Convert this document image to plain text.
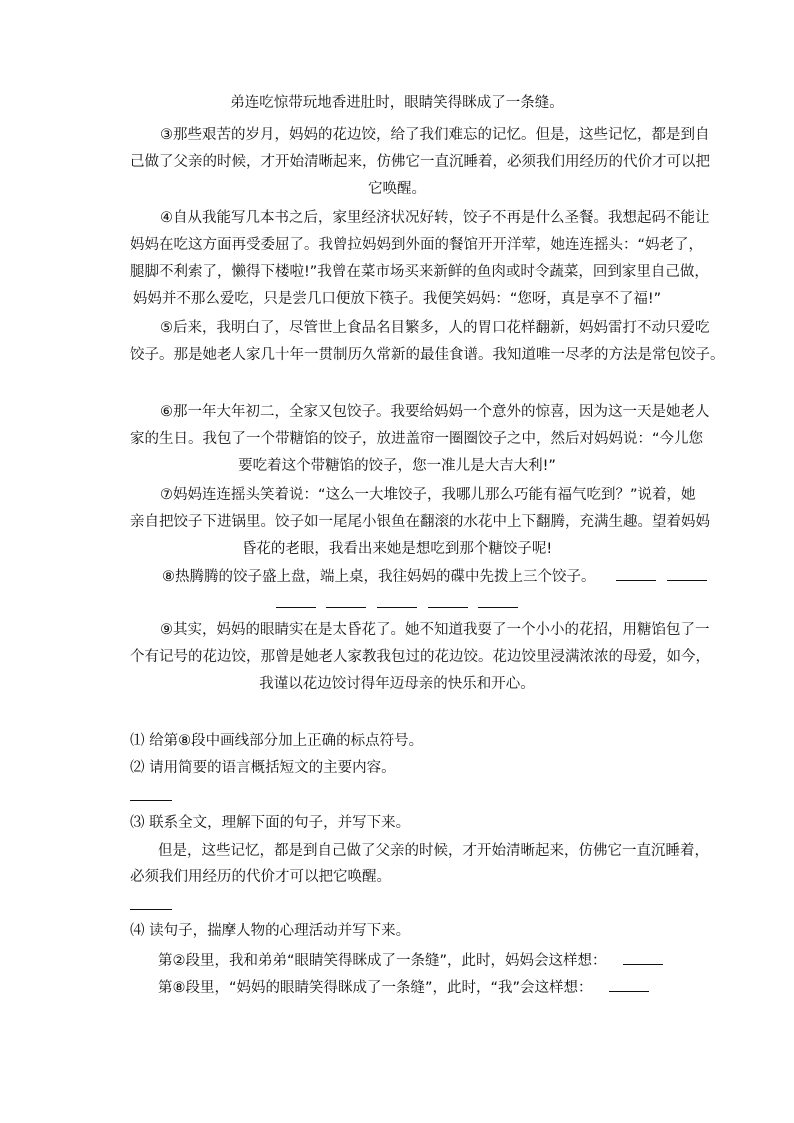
弟连吃惊带玩地香进肚时，眼睛笑得眯成了一条缝。
③那些艰苦的岁月，妈妈的花边饺，给了我们难忘的记忆。但是，这些记忆，都是到自
己做了父亲的时候，才开始清晰起来，仿佛它一直沉睡着，必须我们用经历的代价才可以把
它唤醒。
④自从我能写几本书之后，家里经济状况好转，饺子不再是什么圣餐。我想起码不能让
妈妈在吃这方面再受委屈了。我曾拉妈妈到外面的餐馆开开洋荤，她连连摇头：“妈老了，
腿脚不利索了，懒得下楼啦!”我曾在菜市场买来新鲜的鱼肉或时令蔬菜，回到家里自己做，
妈妈并不那么爱吃，只是尝几口便放下筷子。我便笑妈妈：“您呀，真是享不了福!”
⑤后来，我明白了，尽管世上食品名目繁多，人的胃口花样翻新，妈妈雷打不动只爱吃
饺子。那是她老人家几十年一贯制历久常新的最佳食谱。我知道唯一尽孝的方法是常包饺子。
⑥那一年大年初二，全家又包饺子。我要给妈妈一个意外的惊喜，因为这一天是她老人
家的生日。我包了一个带糖馅的饺子，放进盖帘一圈圈饺子之中，然后对妈妈说：“今儿您
要吃着这个带糖馅的饺子，您一准儿是大吉大利!”
⑦妈妈连连摇头笑着说：“这么一大堆饺子，我哪儿那么巧能有福气吃到？”说着，她
亲自把饺子下进锅里。饺子如一尾尾小银鱼在翻滚的水花中上下翻腾，充满生趣。望着妈妈
昏花的老眼，我看出来她是想吃到那个糖饺子呢!
⑧热腾腾的饺子盛上盘，端上桌，我往妈妈的碟中先拨上三个饺子。

⑨其实，妈妈的眼睛实在是太昏花了。她不知道我耍了一个小小的花招，用糖馅包了一
个有记号的花边饺，那曾是她老人家教我包过的花边饺。花边饺里浸满浓浓的母爱，如今，
我谨以花边饺讨得年迈母亲的快乐和开心。
⑴ 给第⑧段中画线部分加上正确的标点符号。
⑵ 请用简要的语言概括短文的主要内容。
⑶ 联系全文，理解下面的句子，并写下来。
但是，这些记忆，都是到自己做了父亲的时候，才开始清晰起来，仿佛它一直沉睡着，
必须我们用经历的代价才可以把它唤醒。
⑷ 读句子，揣摩人物的心理活动并写下来。
第②段里，我和弟弟“眼睛笑得眯成了一条缝”，此时，妈妈会这样想：
第⑧段里，“妈妈的眼睛笑得眯成了一条缝”，此时，“我”会这样想：
